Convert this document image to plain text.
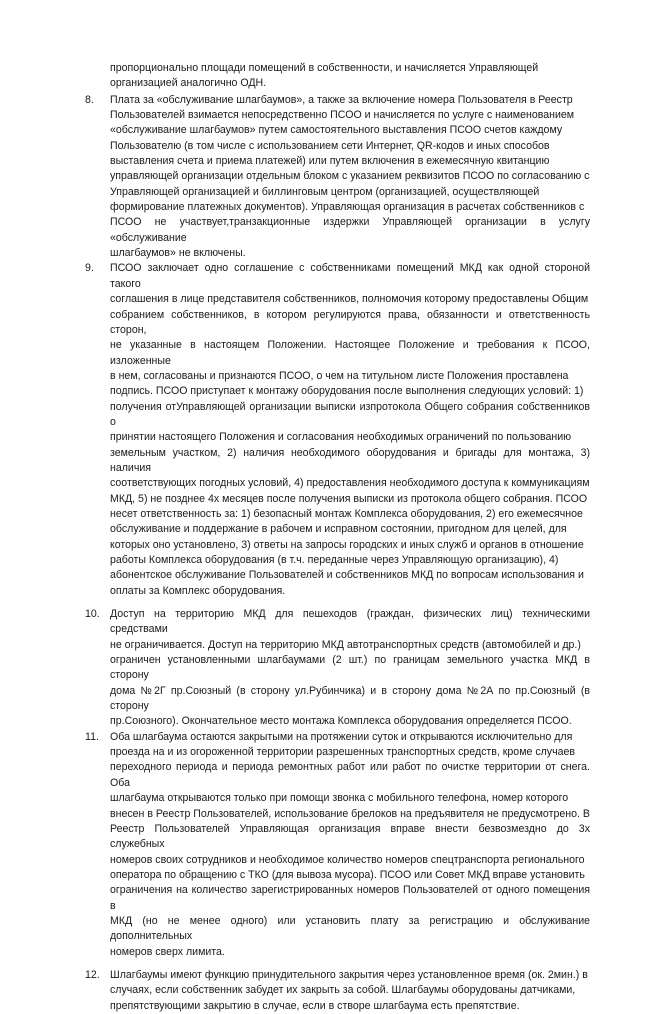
пропорционально площади помещений в собственности, и начисляется Управляющей
организацией аналогично ОДН.

8. Плата за «обслуживание шлагбаумов», а также за включение номера Пользователя в Реестр
Пользователей взимается непосредственно ПСОО и начисляется по услуге с наименованием
«обслуживание шлагбаумов» путем самостоятельного выставления ПСОО счетов каждому
Пользователю (в том числе с использованием сети Интернет, QR-кодов и иных способов
выставления счета и приема платежей) или путем включения в ежемесячную квитанцию
управляющей организации отдельным блоком с указанием реквизитов ПСОО по согласованию с
Управляющей организацией и биллинговым центром (организацией, осуществляющей
формирование платежных документов). Управляющая организация в расчетах собственников с
ПСОО не участвует,транзакционные издержки Управляющей организации в услугу «обслуживание
шлагбаумов» не включены.
9. ПСОО заключает одно соглашение с собственниками помещений МКД как одной стороной такого
соглашения в лице представителя собственников, полномочия которому предоставлены Общим
собранием собственников, в котором регулируются права, обязанности и ответственность сторон,
не указанные в настоящем Положении. Настоящее Положение и требования к ПСОО, изложенные
в нем, согласованы и признаются ПСОО, о чем на титульном листе Положения проставлена
подпись. ПСОО приступает к монтажу оборудования после выполнения следующих условий: 1)
получения отУправляющей организации выписки изпротокола Общего собрания собственников о
принятии настоящего Положения и согласования необходимых ограничений по пользованию
земельным участком, 2) наличия необходимого оборудования и бригады для монтажа, 3) наличия
соответствующих погодных условий, 4) предоставления необходимого доступа к коммуникациям
МКД, 5) не позднее 4х месяцев после получения выписки из протокола общего собрания. ПСОО
несет ответственность за: 1) безопасный монтаж Комплекса оборудования, 2) его ежемесячное
обслуживание и поддержание в рабочем и исправном состоянии, пригодном для целей, для
которых оно установлено, 3) ответы на запросы городских и иных служб и органов в отношение
работы Комплекса оборудования (в т.ч. переданные через Управляющую организацию), 4)
абонентское обслуживание Пользователей и собственников МКД по вопросам использования и
оплаты за Комплекс оборудования.
10. Доступ на территорию МКД для пешеходов (граждан, физических лиц) техническими средствами
не ограничивается. Доступ на территорию МКД автотранспортных средств (автомобилей и др.)
ограничен установленными шлагбаумами (2 шт.) по границам земельного участка МКД в сторону
дома №2Г пр.Союзный (в сторону ул.Рубинчика) и в сторону дома №2А по пр.Союзный (в сторону
пр.Союзного). Окончательное место монтажа Комплекса оборудования определяется ПСОО.
11. Оба шлагбаума остаются закрытыми на протяжении суток и открываются исключительно для
проезда на и из огороженной территории разрешенных транспортных средств, кроме случаев
переходного периода и периода ремонтных работ или работ по очистке территории от снега. Оба
шлагбаума открываются только при помощи звонка с мобильного телефона, номер которого
внесен в Реестр Пользователей, использование брелоков на предъявителя не предусмотрено. В
Реестр Пользователей Управляющая организация вправе внести безвозмездно до 3х служебных
номеров своих сотрудников и необходимое количество номеров спецтранспорта регионального
оператора по обращению с ТКО (для вывоза мусора). ПСОО или Совет МКД вправе установить
ограничения на количество зарегистрированных номеров Пользователей от одного помещения в
МКД (но не менее одного) или установить плату за регистрацию и обслуживание дополнительных
номеров сверх лимита.
12. Шлагбаумы имеют функцию принудительного закрытия через установленное время (ок. 2мин.) в
случаях, если собственник забудет их закрыть за собой. Шлагбаумы оборудованы датчиками,
препятствующими закрытию в случае, если в створе шлагбаума есть препятствие.
